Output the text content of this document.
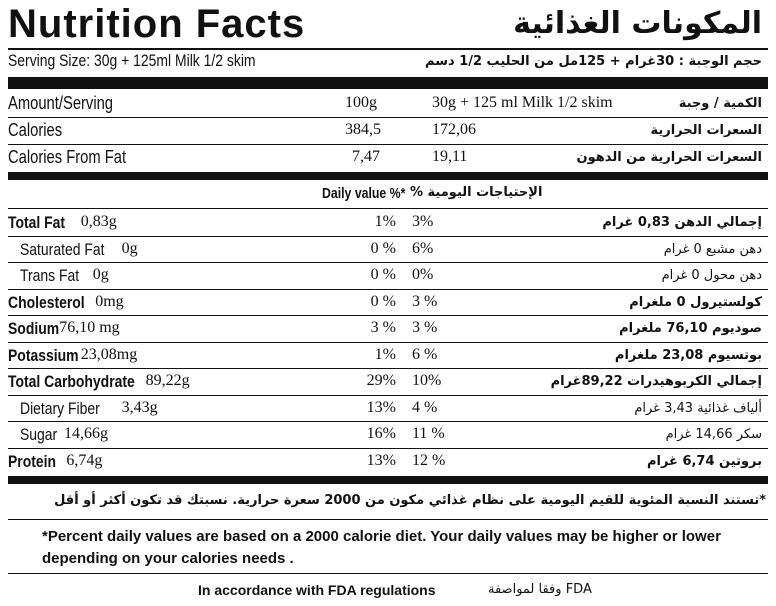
Nutrition Facts	المكونات الغذائية
Serving Size: 30g + 125ml Milk 1/2 skim	حجم الوجبة : 30غرام + 125مل من الحليب 1/2 دسم
Amount/Serving	100g	30g + 125 ml Milk 1/2 skim	الكمية / وجبة
Calories	384,5	172,06	السعرات الحرارية
Calories From Fat	7,47	19,11	السعرات الحرارية من الدهون
Daily value %* الإحتياجات اليومية %
Total Fat 0,83g	1% 3%	إجمالي الدهن 0,83 غرام
Saturated Fat 0g	0 % 6%	دهن مشبع 0 غرام
Trans Fat 0g	0 % 0%	دهن محول 0 غرام
Cholesterol 0mg	0 % 3 %	كولستيرول 0 ملغرام
Sodium 76,10 mg	3 % 3 %	صوديوم 76,10 ملغرام
Potassium 23,08mg	1% 6 %	بوتسيوم 23,08 ملغرام
Total Carbohydrate 89,22g	29% 10%	إجمالي الكربوهيدرات 89,22غرام
Dietary Fiber 3,43g	13% 4 %	ألياف غذائية 3,43 غرام
Sugar 14,66g	16% 11 %	سكر 14,66 غرام
Protein 6,74g	13% 12 %	بروتين 6,74 غرام
*تستند النسبة المئوية للقيم اليومية على نظام غذائي مكون من 2000 سعرة حرارية. نسبتك قد تكون أكثر أو أقل
*Percent daily values are based on a 2000 calorie diet. Your daily values may be higher or lower depending on your calories needs .
In accordance with FDA regulations	FDA وفقا لمواصفة
